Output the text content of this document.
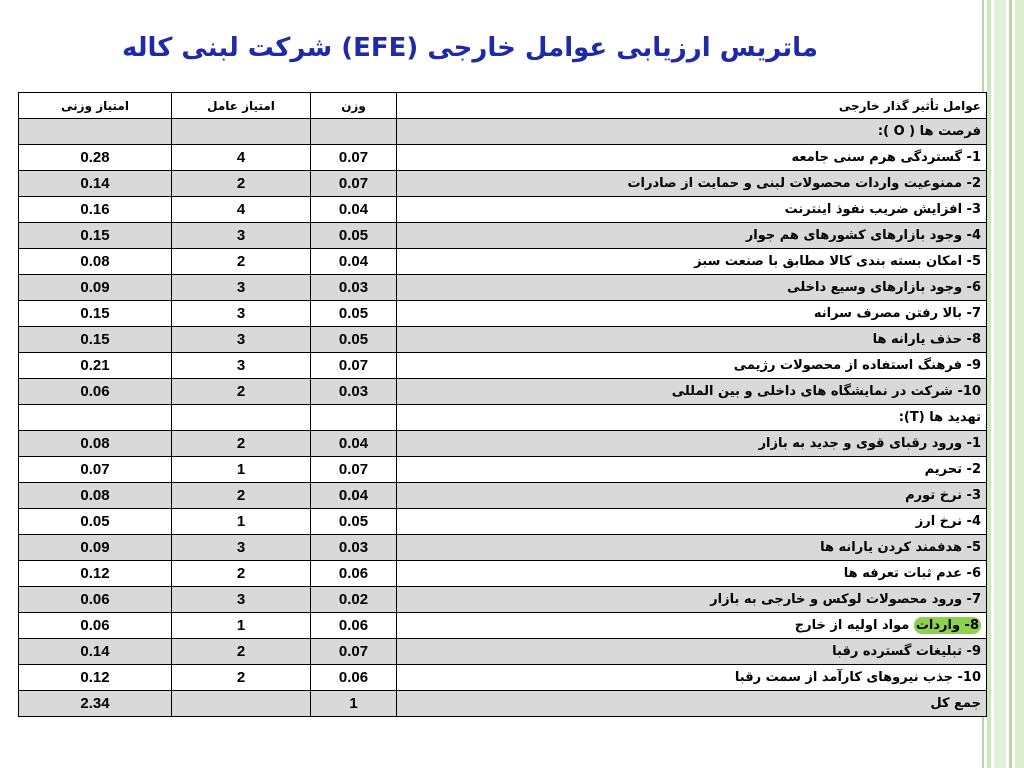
ماتریس ارزیابی عوامل خارجی (EFE) شرکت لبنی کاله
عوامل تأثیر گذار خارجی	وزن	امتیاز عامل	امتیاز وزنی
فرصت ها ( O ):			
1- گستردگی هرم سنی جامعه	0.07	4	0.28
2- ممنوعیت واردات محصولات لبنی و حمایت از صادرات	0.07	2	0.14
3- افزایش ضریب نفوذ اینترنت	0.04	4	0.16
4- وجود بازارهای کشورهای هم جوار	0.05	3	0.15
5- امکان بسته بندی کالا مطابق با صنعت سبز	0.04	2	0.08
6- وجود بازارهای وسیع داخلی	0.03	3	0.09
7- بالا رفتن مصرف سرانه	0.05	3	0.15
8- حذف یارانه ها	0.05	3	0.15
9- فرهنگ استفاده از محصولات رژیمی	0.07	3	0.21
10- شرکت در نمایشگاه های داخلی و بین المللی	0.03	2	0.06
تهدید ها (T):			
1- ورود رقبای قوی و جدید به بازار	0.04	2	0.08
2- تحریم	0.07	1	0.07
3- نرخ تورم	0.04	2	0.08
4- نرخ ارز	0.05	1	0.05
5- هدفمند کردن یارانه ها	0.03	3	0.09
6- عدم ثبات تعرفه ها	0.06	2	0.12
7- ورود محصولات لوکس و خارجی به بازار	0.02	3	0.06
8- واردات مواد اولیه از خارج	0.06	1	0.06
9- تبلیغات گسترده رقبا	0.07	2	0.14
10- جذب نیروهای کارآمد از سمت رقبا	0.06	2	0.12
جمع کل	1		2.34
